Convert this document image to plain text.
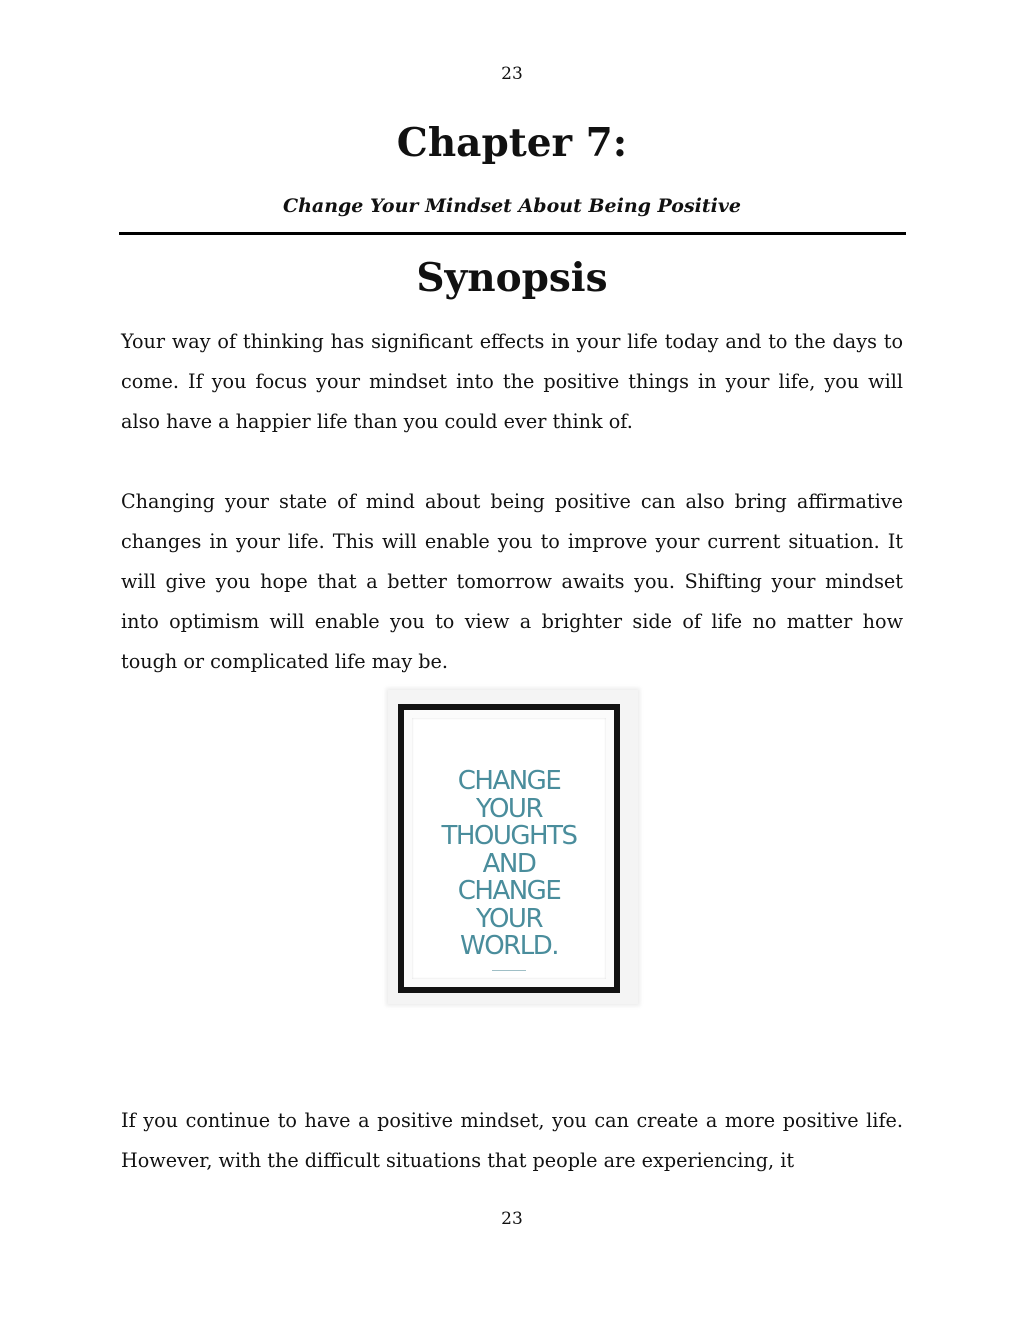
23
Chapter 7:
Change Your Mindset About Being Positive
Synopsis

Your way of thinking has significant effects in your life today and to the days to come. If you focus your mindset into the positive things in your life, you will also have a happier life than you could ever think of.

Changing your state of mind about being positive can also bring affirmative changes in your life. This will enable you to improve your current situation. It will give you hope that a better tomorrow awaits you. Shifting your mindset into optimism will enable you to view a brighter side of life no matter how tough or complicated life may be.

CHANGE
YOUR
THOUGHTS
AND
CHANGE
YOUR
WORLD.

If you continue to have a positive mindset, you can create a more positive life. However, with the difficult situations that people are experiencing, it

23
